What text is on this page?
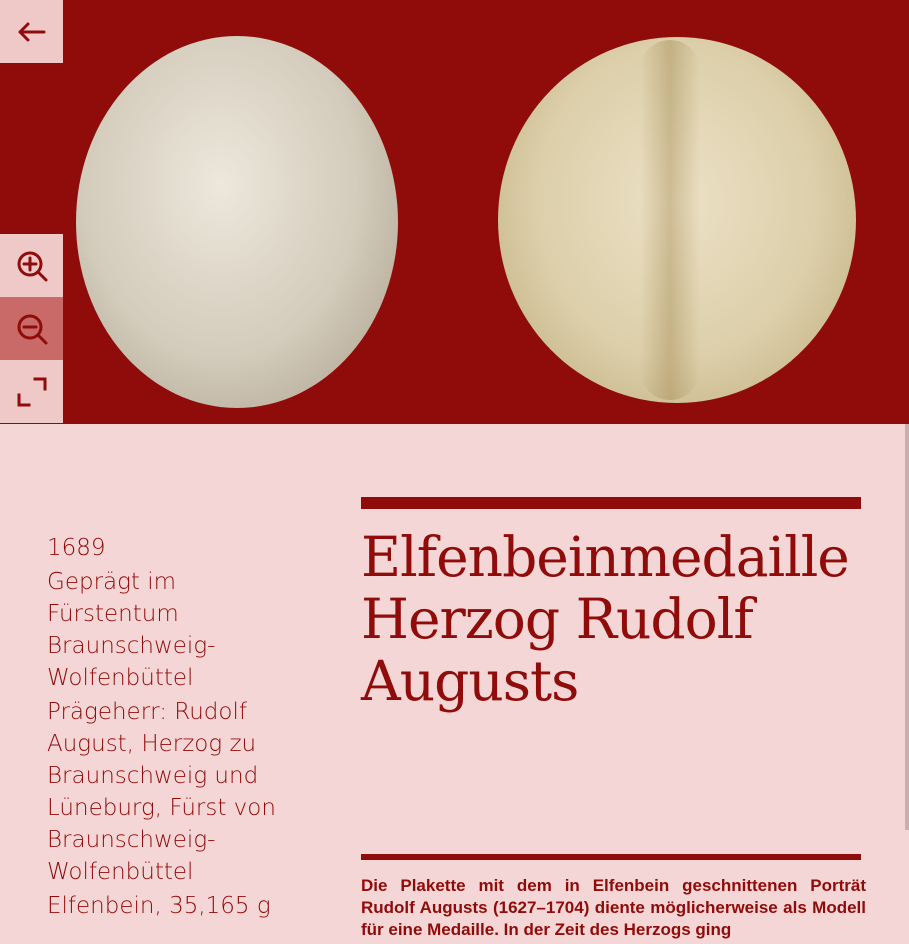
1689
Geprägt im Fürstentum Braunschweig-Wolfenbüttel
Prägeherr: Rudolf August, Herzog zu Braunschweig und Lüneburg, Fürst von Braunschweig-Wolfenbüttel
Elfenbein, 35,165 g
Elfenbeinmedaille Herzog Rudolf Augusts

Die Plakette mit dem in Elfenbein geschnittenen Porträt Rudolf Augusts (1627–1704) diente möglicherweise als Modell für eine Medaille. In der Zeit des Herzogs ging
